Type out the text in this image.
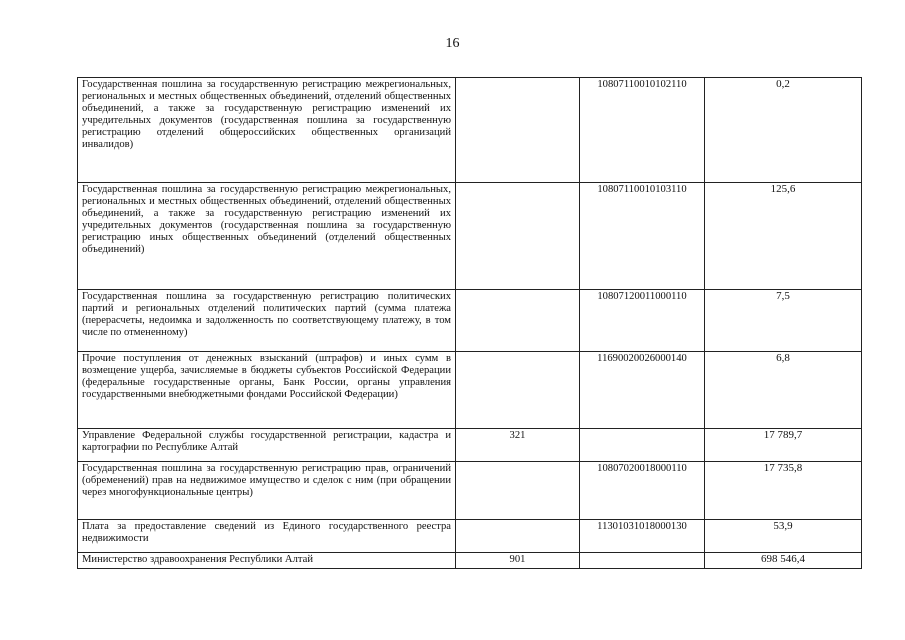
16
Государственная пошлина за государственную регистрацию межрегиональных, региональных и местных общественных объединений, отделений общественных объединений, а также за государственную регистрацию изменений их учредительных документов (государственная пошлина за государственную регистрацию отделений общероссийских общественных организаций инвалидов)		10807110010102110	0,2
Государственная пошлина за государственную регистрацию межрегиональных, региональных и местных общественных объединений, отделений общественных объединений, а также за государственную регистрацию изменений их учредительных документов (государственная пошлина за государственную регистрацию иных общественных объединений (отделений общественных объединений)		10807110010103110	125,6
Государственная пошлина за государственную регистрацию политических партий и региональных отделений политических партий (сумма платежа (перерасчеты, недоимка и задолженность по соответствующему платежу, в том числе по отмененному)		10807120011000110	7,5
Прочие поступления от денежных взысканий (штрафов) и иных сумм в возмещение ущерба, зачисляемые в бюджеты субъектов Российской Федерации (федеральные государственные органы, Банк России, органы управления государственными внебюджетными фондами Российской Федерации)		11690020026000140	6,8
Управление Федеральной службы государственной регистрации, кадастра и картографии по Республике Алтай	321		17 789,7
Государственная пошлина за государственную регистрацию прав, ограничений (обременений) прав на недвижимое имущество и сделок с ним (при обращении через многофункциональные центры)		10807020018000110	17 735,8
Плата за предоставление сведений из Единого государственного реестра недвижимости		11301031018000130	53,9
Министерство здравоохранения Республики Алтай	901		698 546,4
